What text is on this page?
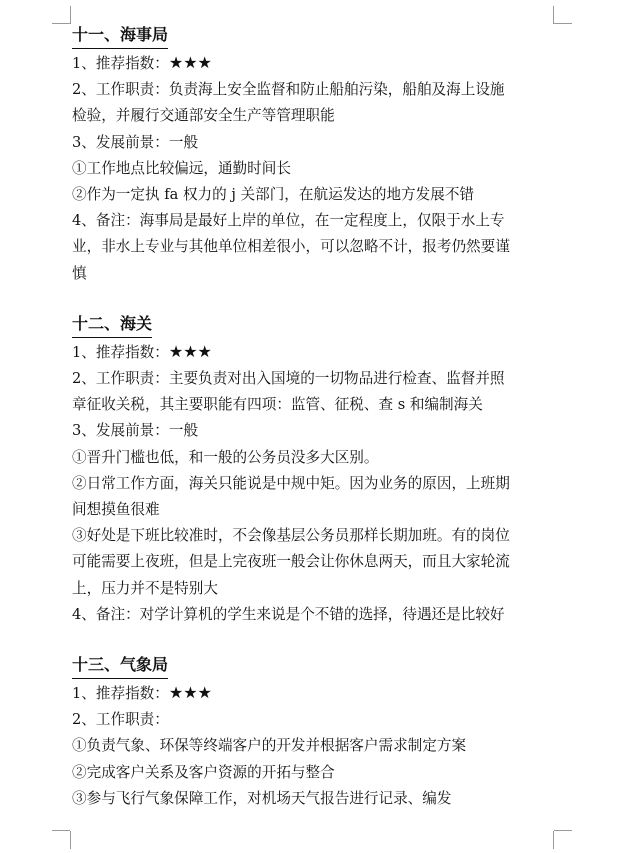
十一、海事局
1、推荐指数：★★★
2、工作职责：负责海上安全监督和防止船舶污染，船舶及海上设施
检验，并履行交通部安全生产等管理职能
3、发展前景：一般
①工作地点比较偏远，通勤时间长
②作为一定执 fa 权力的 j 关部门，在航运发达的地方发展不错
4、备注：海事局是最好上岸的单位，在一定程度上，仅限于水上专
业，非水上专业与其他单位相差很小，可以忽略不计，报考仍然要谨
慎
十二、海关
1、推荐指数：★★★
2、工作职责：主要负责对出入国境的一切物品进行检查、监督并照
章征收关税，其主要职能有四项：监管、征税、查 s 和编制海关
3、发展前景：一般
①晋升门槛也低，和一般的公务员没多大区别。
②日常工作方面，海关只能说是中规中矩。因为业务的原因，上班期
间想摸鱼很难
③好处是下班比较准时，不会像基层公务员那样长期加班。有的岗位
可能需要上夜班，但是上完夜班一般会让你休息两天，而且大家轮流
上，压力并不是特别大
4、备注：对学计算机的学生来说是个不错的选择，待遇还是比较好
十三、气象局
1、推荐指数：★★★
2、工作职责：
①负责气象、环保等终端客户的开发并根据客户需求制定方案
②完成客户关系及客户资源的开拓与整合
③参与飞行气象保障工作，对机场天气报告进行记录、编发
